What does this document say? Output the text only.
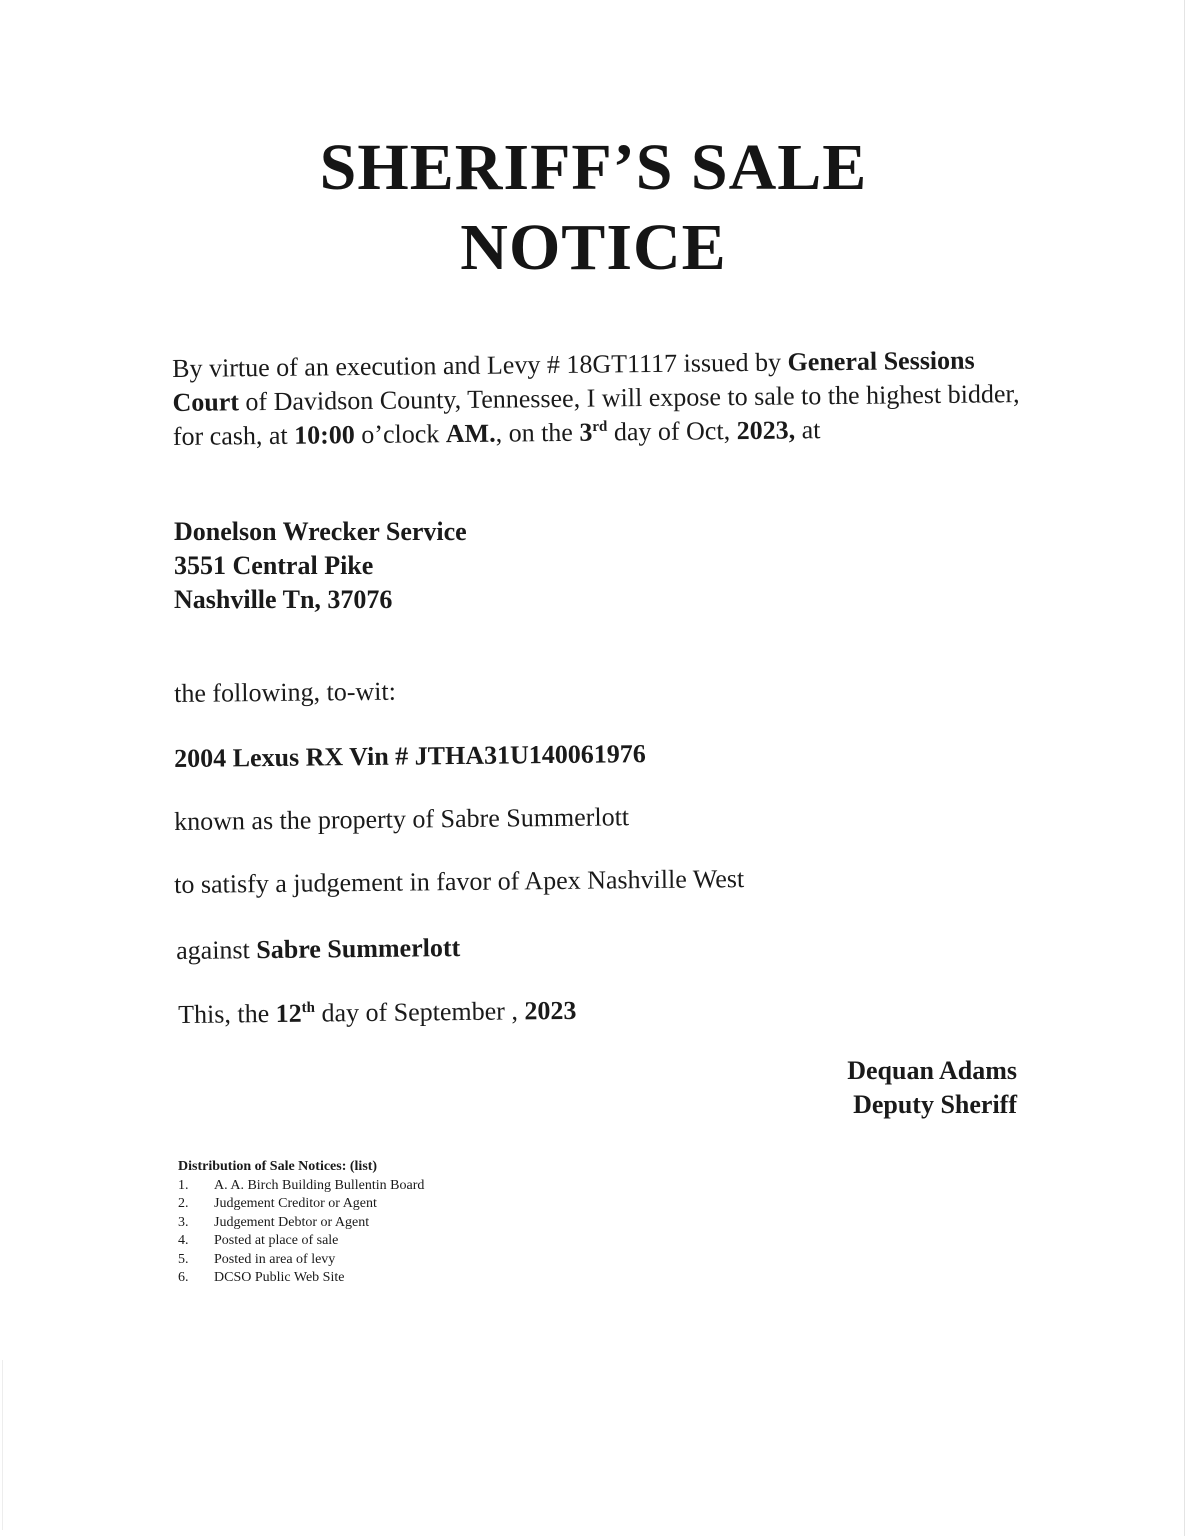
SHERIFF’S SALE
NOTICE

By virtue of an execution and Levy # 18GT1117 issued by General Sessions Court of Davidson County, Tennessee, I will expose to sale to the highest bidder, for cash, at 10:00 o’clock AM., on the 3rd day of Oct, 2023, at

Donelson Wrecker Service
3551 Central Pike
Nashville Tn, 37076
the following, to-wit:
2004 Lexus RX Vin # JTHA31U140061976
known as the property of Sabre Summerlott
to satisfy a judgement in favor of Apex Nashville West
against Sabre Summerlott
This, the 12th day of September , 2023
Dequan Adams
Deputy Sheriff
Distribution of Sale Notices: (list)
1. A. A. Birch Building Bullentin Board
2. Judgement Creditor or Agent
3. Judgement Debtor or Agent
4. Posted at place of sale
5. Posted in area of levy
6. DCSO Public Web Site
